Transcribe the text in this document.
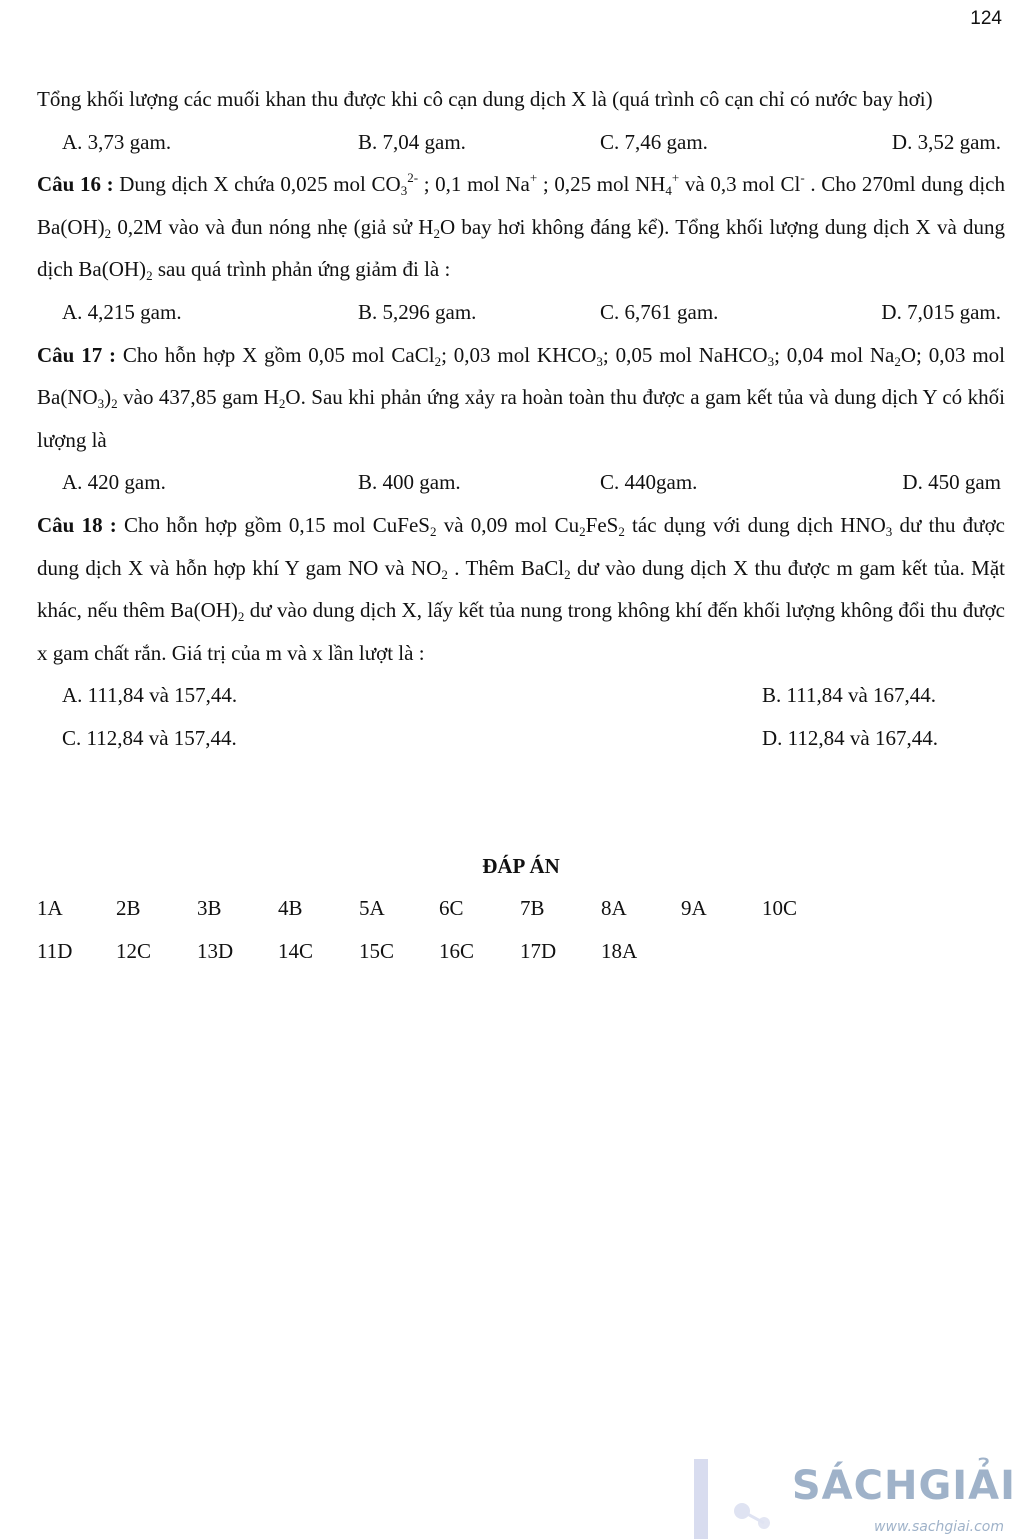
124

Tổng khối lượng các muối khan thu được khi cô cạn dung dịch X là (quá trình cô cạn chỉ có nước bay hơi)

A. 3,73 gam.	B. 7,04 gam.	C. 7,46 gam.	D. 3,52 gam.

Câu 16 : Dung dịch X chứa 0,025 mol $CO_3^{2-}$ ; 0,1 mol Na+ ; 0,25 mol $NH_4^+$ và 0,3 mol Cl- . Cho 270ml dung dịch $Ba(OH)_2$ 0,2M vào và đun nóng nhẹ (giả sử $H_2O$ bay hơi không đáng kể). Tổng khối lượng dung dịch X và dung dịch $Ba(OH)_2$ sau quá trình phản ứng giảm đi là :

A. 4,215 gam.	B. 5,296 gam.	C. 6,761 gam.	D. 7,015 gam.

Câu 17 : Cho hỗn hợp X gồm 0,05 mol CaCl$_2$; 0,03 mol $KHCO_3$; 0,05 mol NaHCO$_3$; 0,04 mol $Na_2O$; 0,03 mol $Ba(NO_3)_2$ vào 437,85 gam $H_2O$. Sau khi phản ứng xảy ra hoàn toàn thu được a gam kết tủa và dung dịch Y có khối lượng là

A. 420 gam.	B. 400 gam.	C. 440gam.	D. 450 gam

Câu 18 : Cho hỗn hợp gồm 0,15 mol CuFeS$_2$ và 0,09 mol $Cu_2FeS_2$ tác dụng với dung dịch $HNO_3$ dư thu được dung dịch X và hỗn hợp khí Y gam NO và $NO_2$ . Thêm BaCl$_2$ dư vào dung dịch X thu được m gam kết tủa. Mặt khác, nếu thêm $Ba(OH)_2$ dư vào dung dịch X, lấy kết tủa nung trong không khí đến khối lượng không đổi thu được x gam chất rắn. Giá trị của m và x lần lượt là :

A. 111,84 và 157,44.	B. 111,84 và 167,44.
C. 112,84 và 157,44.	D. 112,84 và 167,44.
ĐÁP ÁN
1A	2B	3B	4B	5A	6C	7B	8A	9A	10C
11D 12C 13D 14C 15C 16C 17D 18A
SÁCHGIẢI
www.sachgiai.com
